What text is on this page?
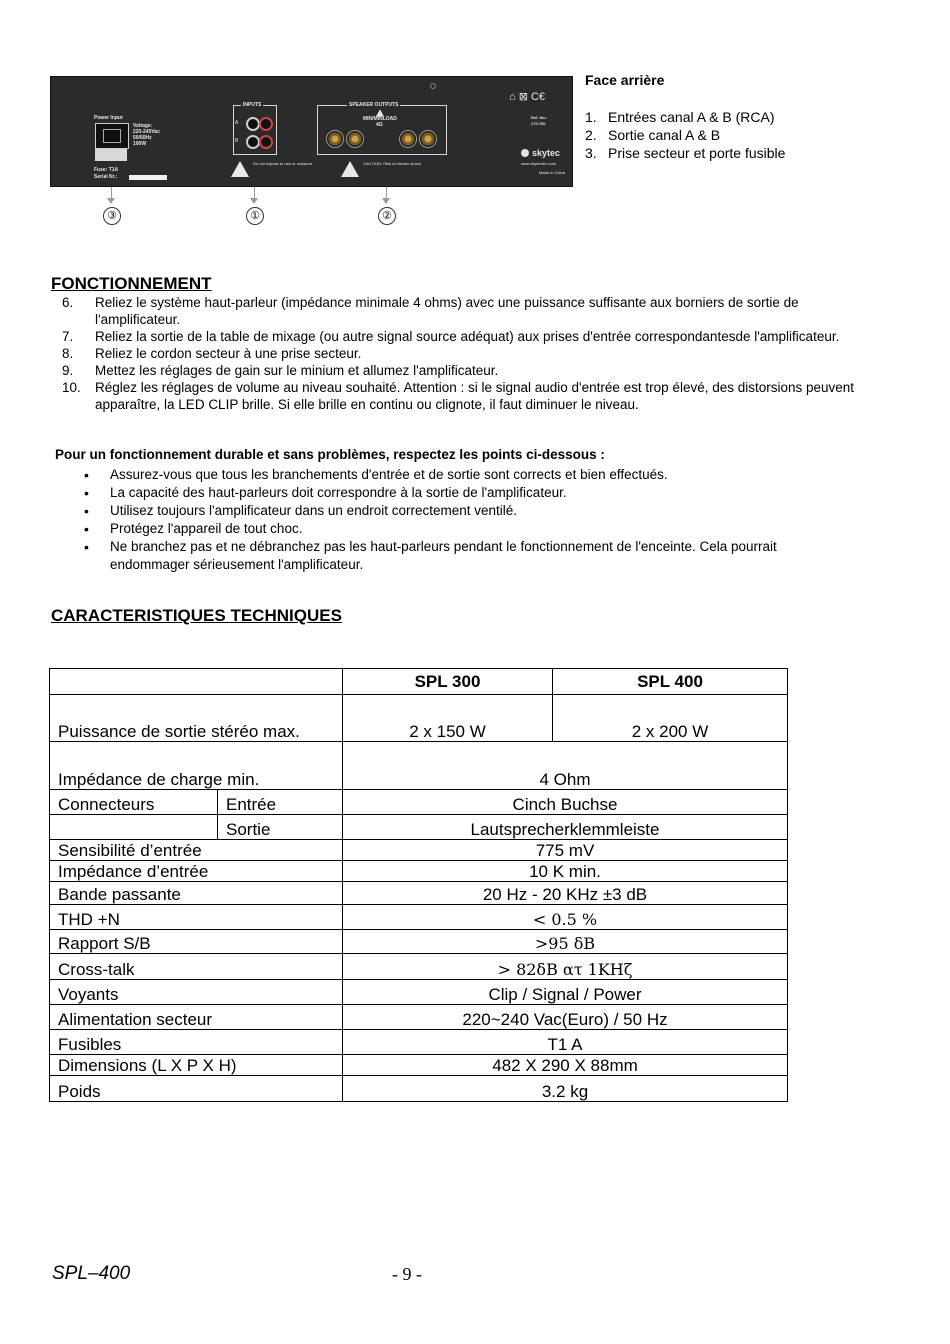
Power Input
Voltage:
220-240Vac
50/60Hz
100W
Fuse: T1A
Serial Nr.:
INPUTS
A
B
SPEAKER OUTPUTS
MIN/MINLOAD
4Ω
Do not expose to rain or moisture	CAUTION: Risk of electric shock
⌂ ⊠ C€
Ref. No.:
170.700
skytec
www.skytectec.com
Made in China
③	①	②
Face arrière
1. Entrées canal A & B (RCA)
2. Sortie canal A & B
3. Prise secteur et porte fusible
FONCTIONNEMENT
6. Reliez le système haut-parleur (impédance minimale 4 ohms) avec une puissance suffisante aux borniers de sortie de l'amplificateur.
7. Reliez la sortie de la table de mixage (ou autre signal source adéquat) aux prises d'entrée correspondantesde l'amplificateur.
8. Reliez le cordon secteur à une prise secteur.
9. Mettez les réglages de gain sur le minium et allumez l'amplificateur.
10. Réglez les réglages de volume au niveau souhaité. Attention : si le signal audio d'entrée est trop élevé, des distorsions peuvent apparaître, la LED CLIP brille. Si elle brille en continu ou clignote, il faut diminuer le niveau.
Pour un fonctionnement durable et sans problèmes, respectez les points ci-dessous :
• Assurez-vous que tous les branchements d'entrée et de sortie sont corrects et bien effectués.
• La capacité des haut-parleurs doit correspondre à la sortie de l'amplificateur.
• Utilisez toujours l'amplificateur dans un endroit correctement ventilé.
• Protégez l'appareil de tout choc.
• Ne branchez pas et ne débranchez pas les haut-parleurs pendant le fonctionnement de l'enceinte. Cela pourrait endommager sérieusement l'amplificateur.
CARACTERISTIQUES TECHNIQUES
		SPL 300	SPL 400
Puissance de sortie stéréo max.		2 x 150 W	2 x 200 W
Impédance de charge min.		4 Ohm	
Connecteurs	Entrée	Cinch Buchse	
	Sortie	Lautsprecherklemmleiste	
Sensibilité d’entrée		775 mV	
Impédance d’entrée		10 K min.	
Bande passante		20 Hz - 20 KHz ±3 dB	
THD +N		< 0.5 %	
Rapport S/B		>95 δB	
Cross-talk		> 82δB ατ 1ΚΗζ	
Voyants		Clip / Signal / Power	
Alimentation secteur		220~240 Vac(Euro) / 50 Hz	
Fusibles		T1 A	
Dimensions (L X P X H)		482 X 290 X 88mm	
Poids		3.2 kg	
SPL–400	- 9 -
